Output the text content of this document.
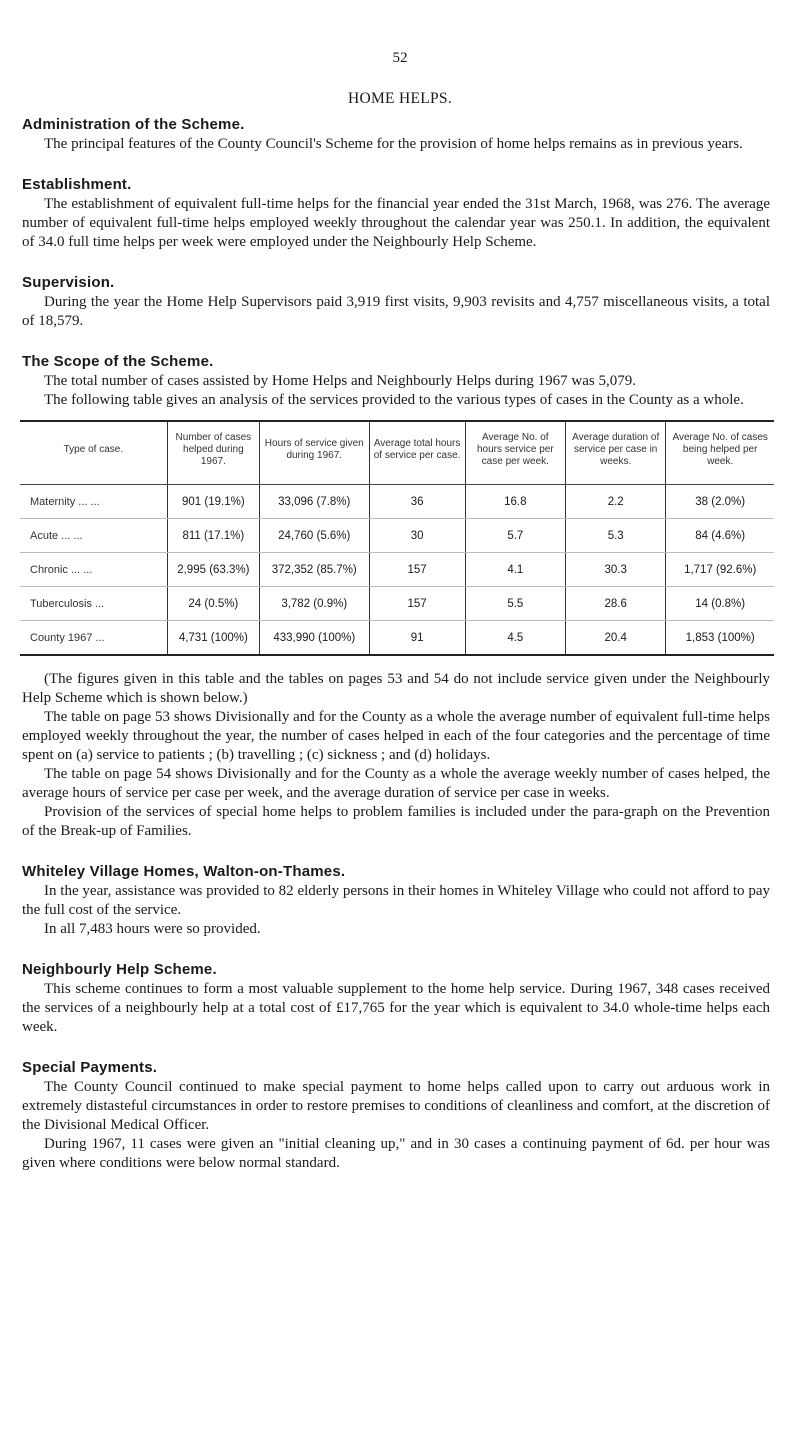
52
HOME HELPS.
Administration of the Scheme.

The principal features of the County Council's Scheme for the provision of home helps remains as in previous years.

Establishment.

The establishment of equivalent full-time helps for the financial year ended the 31st March, 1968, was 276. The average number of equivalent full-time helps employed weekly throughout the calendar year was 250.1. In addition, the equivalent of 34.0 full time helps per week were employed under the Neighbourly Help Scheme.

Supervision.

During the year the Home Help Supervisors paid 3,919 first visits, 9,903 revisits and 4,757 miscellaneous visits, a total of 18,579.

The Scope of the Scheme.

The total number of cases assisted by Home Helps and Neighbourly Helps during 1967 was 5,079.

The following table gives an analysis of the services provided to the various types of cases in the County as a whole.

Type of case.	Number of cases helped during 1967.	Hours of service given during 1967.	Average total hours of service per case.	Average No. of hours service per case per week.	Average duration of service per case in weeks.	Average No. of cases being helped per week.
Maternity ... ...	901 (19.1%)	33,096 (7.8%)	36	16.8	2.2	38 (2.0%)
Acute ... ...	811 (17.1%)	24,760 (5.6%)	30	5.7	5.3	84 (4.6%)
Chronic ... ...	2,995 (63.3%)	372,352 (85.7%)	157	4.1	30.3	1,717 (92.6%)
Tuberculosis ...	24 (0.5%)	3,782 (0.9%)	157	5.5	28.6	14 (0.8%)
County 1967 ...	4,731 (100%)	433,990 (100%)	91	4.5	20.4	1,853 (100%)

(The figures given in this table and the tables on pages 53 and 54 do not include service given under the Neighbourly Help Scheme which is shown below.)

The table on page 53 shows Divisionally and for the County as a whole the average number of equivalent full-time helps employed weekly throughout the year, the number of cases helped in each of the four categories and the percentage of time spent on (a) service to patients ; (b) travelling ; (c) sickness ; and (d) holidays.

The table on page 54 shows Divisionally and for the County as a whole the average weekly number of cases helped, the average hours of service per case per week, and the average duration of service per case in weeks.

Provision of the services of special home helps to problem families is included under the para-graph on the Prevention of the Break-up of Families.

Whiteley Village Homes, Walton-on-Thames.

In the year, assistance was provided to 82 elderly persons in their homes in Whiteley Village who could not afford to pay the full cost of the service.

In all 7,483 hours were so provided.

Neighbourly Help Scheme.

This scheme continues to form a most valuable supplement to the home help service. During 1967, 348 cases received the services of a neighbourly help at a total cost of £17,765 for the year which is equivalent to 34.0 whole-time helps each week.

Special Payments.

The County Council continued to make special payment to home helps called upon to carry out arduous work in extremely distasteful circumstances in order to restore premises to conditions of cleanliness and comfort, at the discretion of the Divisional Medical Officer.

During 1967, 11 cases were given an "initial cleaning up," and in 30 cases a continuing payment of 6d. per hour was given where conditions were below normal standard.
